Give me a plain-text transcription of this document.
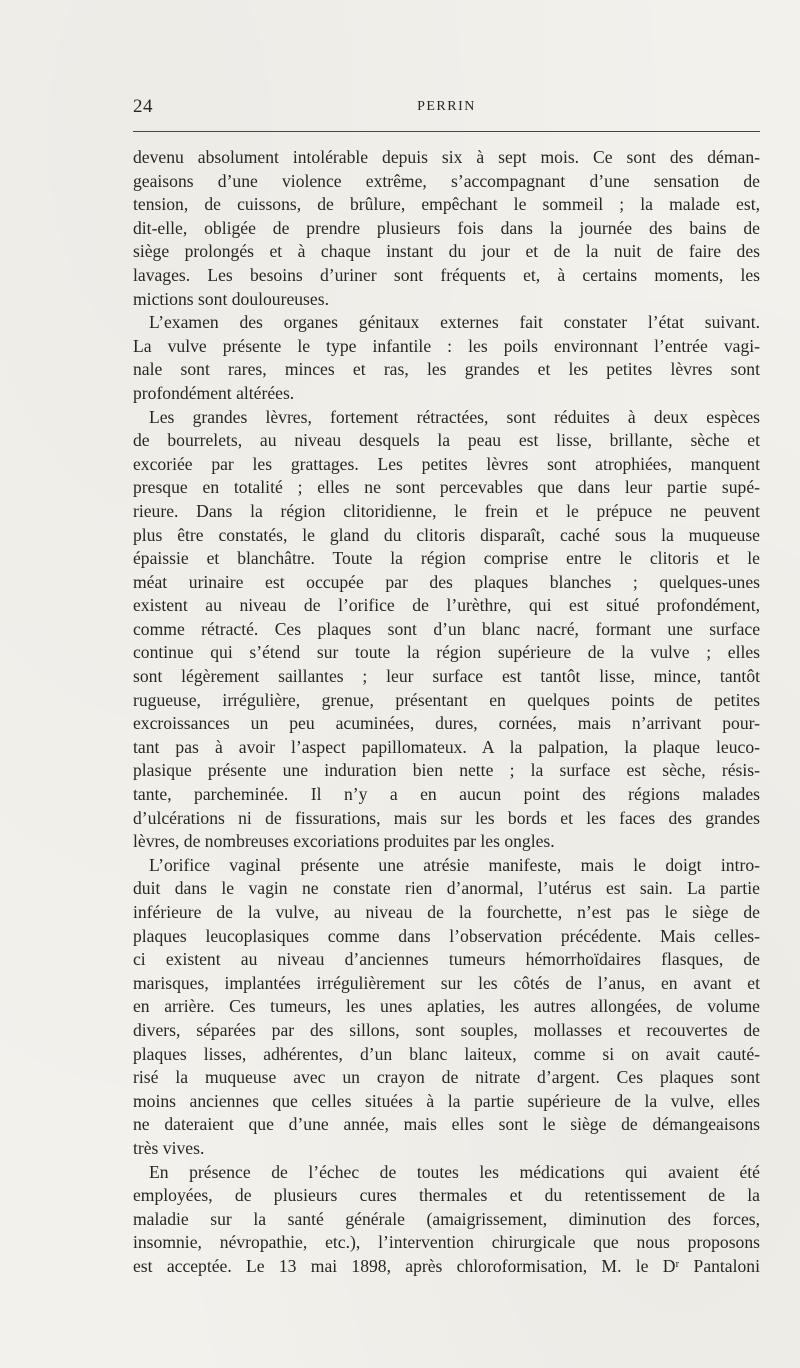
24	PERRIN
devenu absolument intolérable depuis six à sept mois. Ce sont des déman-
geaisons d’une violence extrême, s’accompagnant d’une sensation de
tension, de cuissons, de brûlure, empêchant le sommeil ; la malade est,
dit-elle, obligée de prendre plusieurs fois dans la journée des bains de
siège prolongés et à chaque instant du jour et de la nuit de faire des
lavages. Les besoins d’uriner sont fréquents et, à certains moments, les
mictions sont douloureuses.
L’examen des organes génitaux externes fait constater l’état suivant.
La vulve présente le type infantile : les poils environnant l’entrée vagi-
nale sont rares, minces et ras, les grandes et les petites lèvres sont
profondément altérées.
Les grandes lèvres, fortement rétractées, sont réduites à deux espèces
de bourrelets, au niveau desquels la peau est lisse, brillante, sèche et
excoriée par les grattages. Les petites lèvres sont atrophiées, manquent
presque en totalité ; elles ne sont percevables que dans leur partie supé-
rieure. Dans la région clitoridienne, le frein et le prépuce ne peuvent
plus être constatés, le gland du clitoris disparaît, caché sous la muqueuse
épaissie et blanchâtre. Toute la région comprise entre le clitoris et le
méat urinaire est occupée par des plaques blanches ; quelques-unes
existent au niveau de l’orifice de l’urèthre, qui est situé profondément,
comme rétracté. Ces plaques sont d’un blanc nacré, formant une surface
continue qui s’étend sur toute la région supérieure de la vulve ; elles
sont légèrement saillantes ; leur surface est tantôt lisse, mince, tantôt
rugueuse, irrégulière, grenue, présentant en quelques points de petites
excroissances un peu acuminées, dures, cornées, mais n’arrivant pour-
tant pas à avoir l’aspect papillomateux. A la palpation, la plaque leuco-
plasique présente une induration bien nette ; la surface est sèche, résis-
tante, parcheminée. Il n’y a en aucun point des régions malades
d’ulcérations ni de fissurations, mais sur les bords et les faces des grandes
lèvres, de nombreuses excoriations produites par les ongles.
L’orifice vaginal présente une atrésie manifeste, mais le doigt intro-
duit dans le vagin ne constate rien d’anormal, l’utérus est sain. La partie
inférieure de la vulve, au niveau de la fourchette, n’est pas le siège de
plaques leucoplasiques comme dans l’observation précédente. Mais celles-
ci existent au niveau d’anciennes tumeurs hémorrhoïdaires flasques, de
marisques, implantées irrégulièrement sur les côtés de l’anus, en avant et
en arrière. Ces tumeurs, les unes aplaties, les autres allongées, de volume
divers, séparées par des sillons, sont souples, mollasses et recouvertes de
plaques lisses, adhérentes, d’un blanc laiteux, comme si on avait cauté-
risé la muqueuse avec un crayon de nitrate d’argent. Ces plaques sont
moins anciennes que celles situées à la partie supérieure de la vulve, elles
ne dateraient que d’une année, mais elles sont le siège de démangeaisons
très vives.
En présence de l’échec de toutes les médications qui avaient été
employées, de plusieurs cures thermales et du retentissement de la
maladie sur la santé générale (amaigrissement, diminution des forces,
insomnie, névropathie, etc.), l’intervention chirurgicale que nous proposons
est acceptée. Le 13 mai 1898, après chloroformisation, M. le Dʳ Pantaloni
